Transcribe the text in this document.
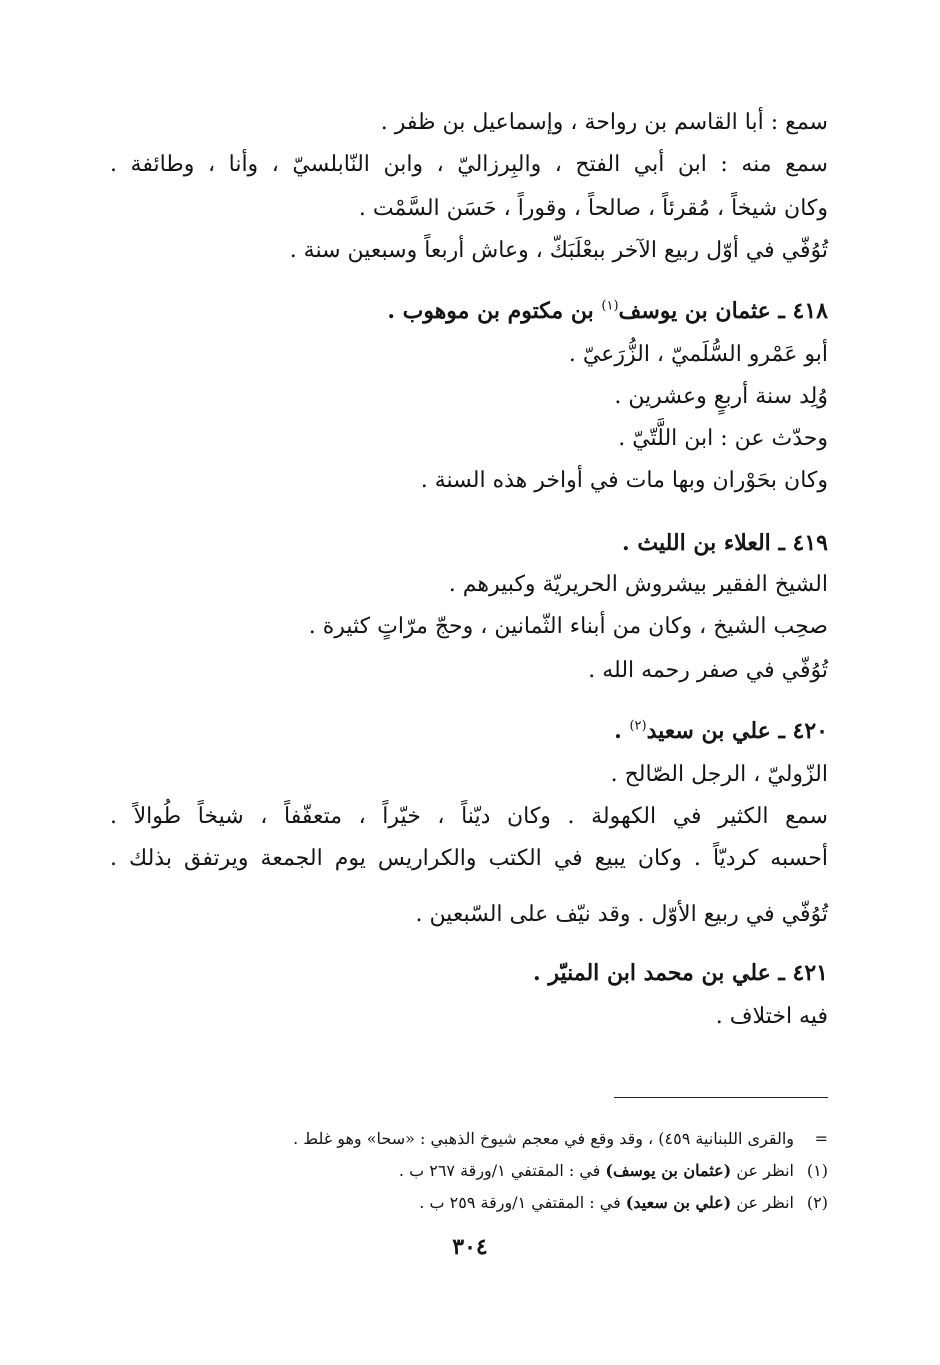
سمع : أبا القاسم بن رواحة ، وإسماعيل بن ظفر .
سمع منه : ابن أبي الفتح ، والبِرزاليّ ، وابن النّابلسيّ ، وأنا ، وطائفة .
وكان شيخاً ، مُقرئاً ، صالحاً ، وقوراً ، حَسَن السَّمْت .
تُوُفّي في أوّل ربيع الآخر ببعْلَبَكّ ، وعاش أربعاً وسبعين سنة .
٤١٨ ـ عثمان بن يوسف$^{(١)}$ بن مكتوم بن موهوب .
أبو عَمْرو السُّلَميّ ، الزُّرَعيّ .
وُلِد سنة أربعٍ وعشرين .
وحدّث عن : ابن اللَّتّيّ .
وكان بحَوْران وبها مات في أواخر هذه السنة .
٤١٩ ـ العلاء بن الليث .
الشيخ الفقير بيشروش الحريريّة وكبيرهم .
صحِب الشيخ ، وكان من أبناء الثّمانين ، وحجّ مرّاتٍ كثيرة .
تُوُفّي في صفر رحمه الله .
٤٢٠ ـ علي بن سعيد$^{(٢)}$ .
الزّوليّ ، الرجل الصّالح .
سمع الكثير في الكهولة . وكان ديّناً ، خيّراً ، متعفّفاً ، شيخاً طُوالاً .
أحسبه كرديّاً . وكان يبيع في الكتب والكراريس يوم الجمعة ويرتفق بذلك .
تُوُفّي في ربيع الأوّل . وقد نيّف على السّبعين .
٤٢١ ـ علي بن محمد ابن المنيّر .
فيه اختلاف .
=والقرى اللبنانية ٤٥٩) ، وقد وقع في معجم شيوخ الذهبي : «سحا» وهو غلط .
(١)انظر عن (عثمان بن يوسف) في : المقتفي ١/ورقة ٢٦٧ ب .
(٢)انظر عن (علي بن سعيد) في : المقتفي ١/ورقة ٢٥٩ ب .
٣٠٤
